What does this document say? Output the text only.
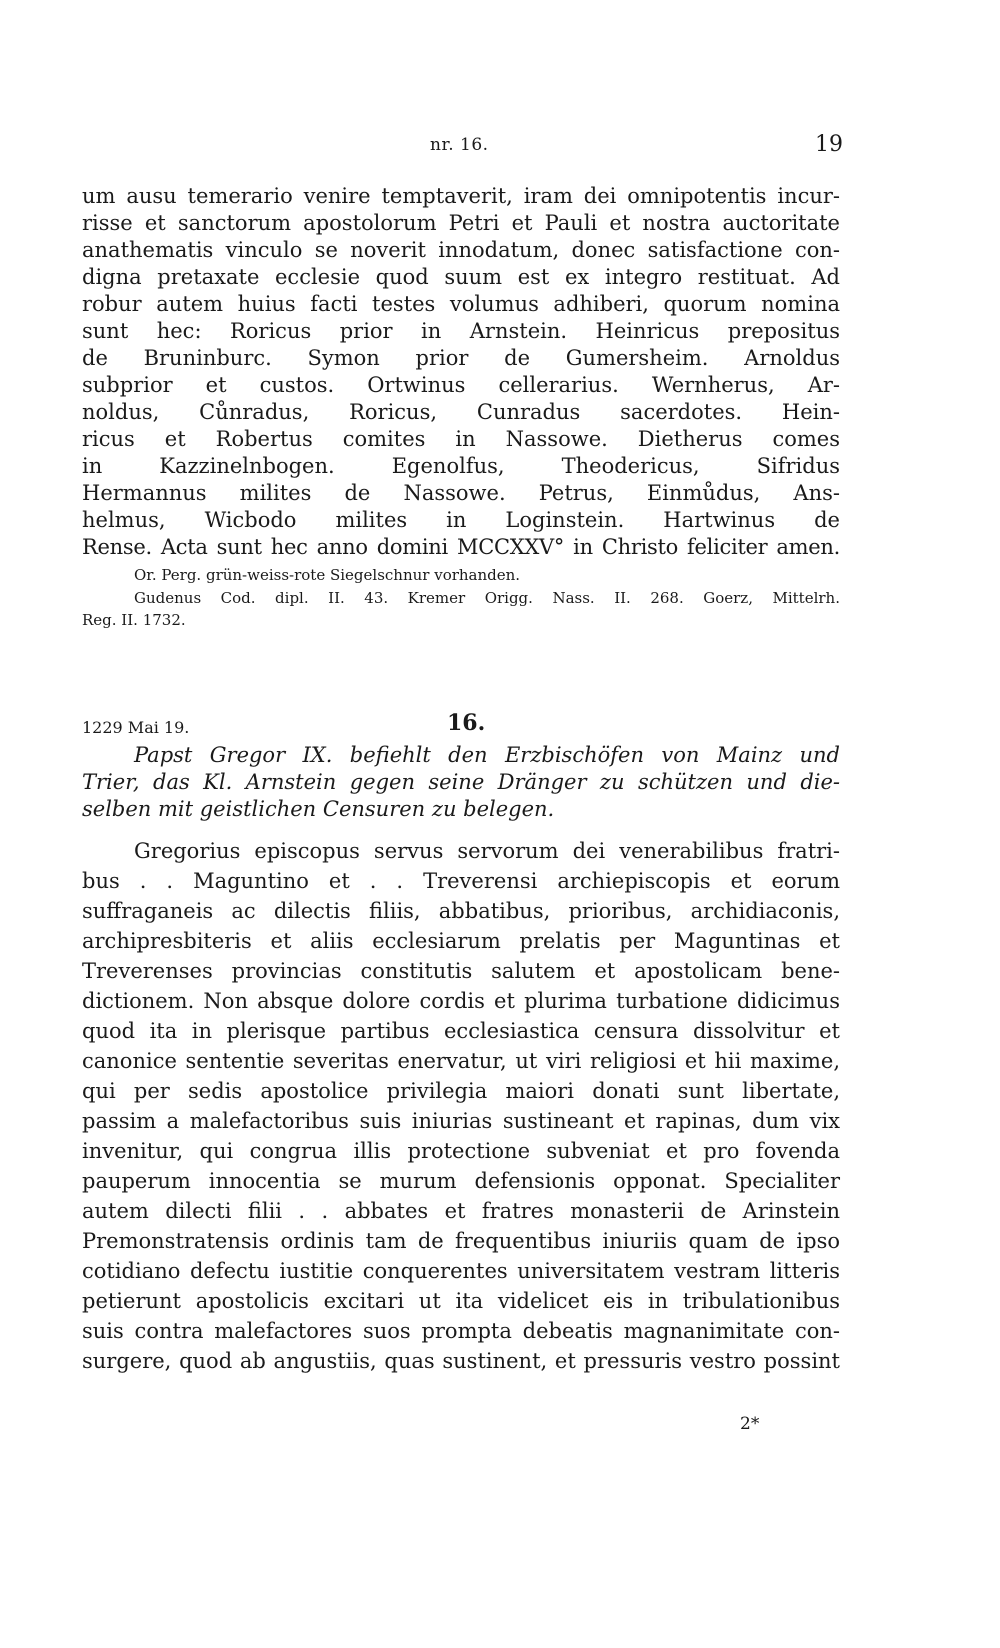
nr. 16.	19
um ausu temerario venire temptaverit, iram dei omnipotentis incur-
risse et sanctorum apostolorum Petri et Pauli et nostra auctoritate
anathematis vinculo se noverit innodatum, donec satisfactione con-
digna pretaxate ecclesie quod suum est ex integro restituat. Ad
robur autem huius facti testes volumus adhiberi, quorum nomina
sunt hec: Roricus prior in Arnstein. Heinricus prepositus
de Bruninburc. Symon prior de Gumersheim. Arnoldus
subprior et custos. Ortwinus cellerarius. Wernherus, Ar-
noldus, Cůnradus, Roricus, Cunradus sacerdotes. Hein-
ricus et Robertus comites in Nassowe. Dietherus comes
in Kazzinelnbogen. Egenolfus, Theodericus, Sifridus
Hermannus milites de Nassowe. Petrus, Einmůdus, Ans-
helmus, Wicbodo milites in Loginstein. Hartwinus de
Rense. Acta sunt hec anno domini MCCXXV° in Christo feliciter amen.
Or. Perg. grün-weiss-rote Siegelschnur vorhanden.
Gudenus Cod. dipl. II. 43. Kremer Origg. Nass. II. 268. Goerz, Mittelrh.
Reg. II. 1732.
1229 Mai 19.	16.
Papst Gregor IX. befiehlt den Erzbischöfen von Mainz und
Trier, das Kl. Arnstein gegen seine Dränger zu schützen und die-
selben mit geistlichen Censuren zu belegen.
Gregorius episcopus servus servorum dei venerabilibus fratri-
bus . . Maguntino et . . Treverensi archiepiscopis et eorum
suffraganeis ac dilectis filiis, abbatibus, prioribus, archidiaconis,
archipresbiteris et aliis ecclesiarum prelatis per Maguntinas et
Treverenses provincias constitutis salutem et apostolicam bene-
dictionem. Non absque dolore cordis et plurima turbatione didicimus
quod ita in plerisque partibus ecclesiastica censura dissolvitur et
canonice sententie severitas enervatur, ut viri religiosi et hii maxime,
qui per sedis apostolice privilegia maiori donati sunt libertate,
passim a malefactoribus suis iniurias sustineant et rapinas, dum vix
invenitur, qui congrua illis protectione subveniat et pro fovenda
pauperum innocentia se murum defensionis opponat. Specialiter
autem dilecti filii . . abbates et fratres monasterii de Arinstein
Premonstratensis ordinis tam de frequentibus iniuriis quam de ipso
cotidiano defectu iustitie conquerentes universitatem vestram litteris
petierunt apostolicis excitari ut ita videlicet eis in tribulationibus
suis contra malefactores suos prompta debeatis magnanimitate con-
surgere, quod ab angustiis, quas sustinent, et pressuris vestro possint
2*
